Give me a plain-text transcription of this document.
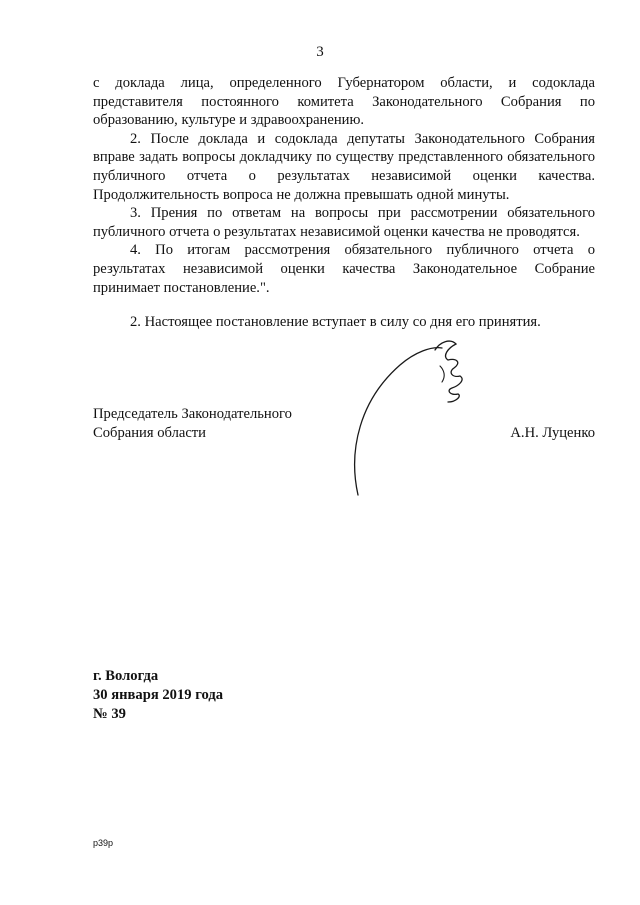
3

с доклада лица, определенного Губернатором области, и содоклада представителя постоянного комитета Законодательного Собрания по образованию, культуре и здравоохранению.

2. После доклада и содоклада депутаты Законодательного Собрания вправе задать вопросы докладчику по существу представленного обязательного публичного отчета о результатах независимой оценки качества. Продолжительность вопроса не должна превышать одной минуты.

3. Прения по ответам на вопросы при рассмотрении обязательного публичного отчета о результатах независимой оценки качества не проводятся.

4. По итогам рассмотрения обязательного публичного отчета о результатах независимой оценки качества Законодательное Собрание принимает постановление.".

2. Настоящее постановление вступает в силу со дня его принятия.

Председатель Законодательного
Собрания области	А.Н. Луценко
г. Вологда
30 января 2019 года
№ 39
р39р
